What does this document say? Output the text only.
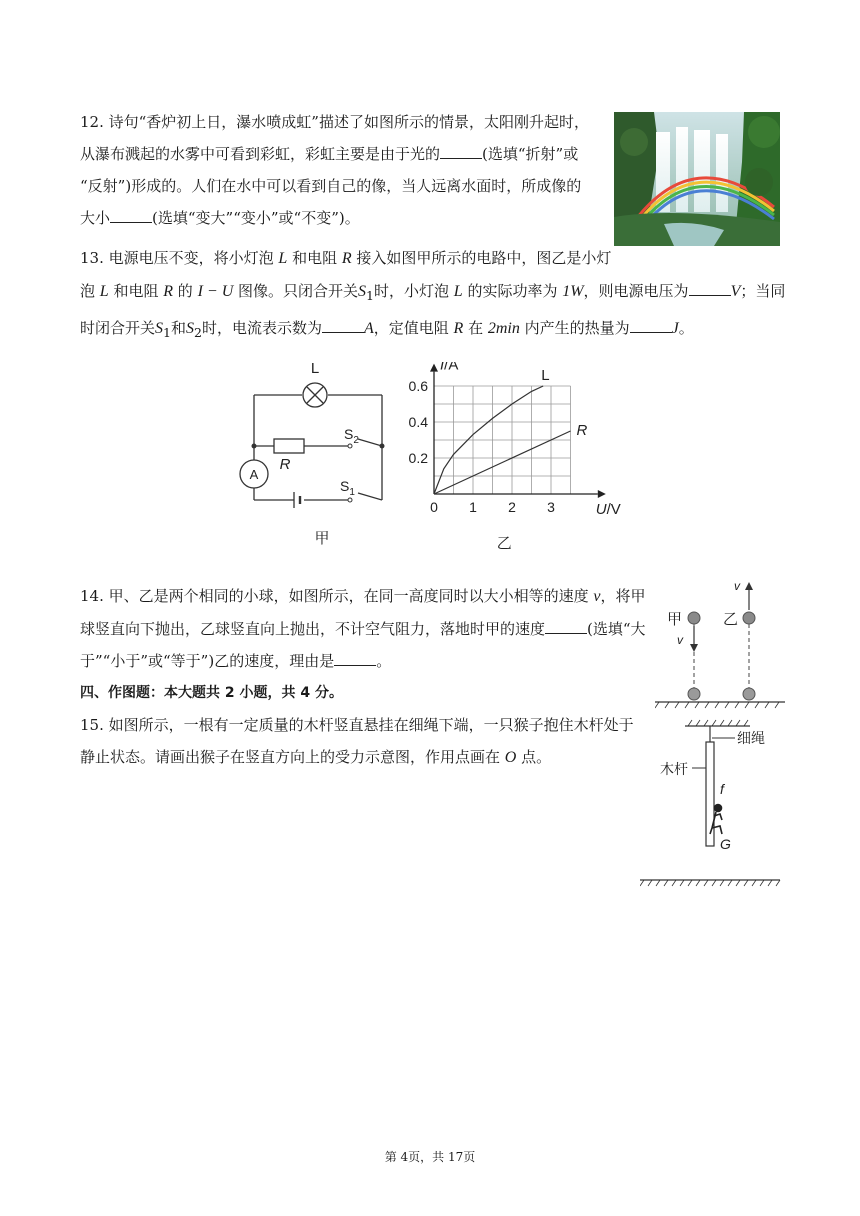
12. 诗句“香炉初上日，瀑水喷成虹”描述了如图所示的情景，太阳刚升起时，

从瀑布溅起的水雾中可看到彩虹，彩虹主要是由于光的	(选填“折射”或

“反射”)形成的。人们在水中可以看到自己的像，当人远离水面时，所成像的

大小	(选填“变大”“变小”或“不变”)。

13. 电源电压不变，将小灯泡 L 和电阻 R 接入如图甲所示的电路中，图乙是小灯

泡 L 和电阻 R 的 I − U 图像。只闭合开关$S_1$时，小灯泡 L 的实际功率为 1W，则电源电压为	V；当同

时闭合开关$S_1$和$S_2$时，电流表示数为	A，定值电阻 R 在 2min 内产生的热量为	J。

L
R
A
$S_2$
$S_1$
甲
L
R
0 1 2 3
0.2
0.4
0.6
U/V
I/A
乙

14. 甲、乙是两个相同的小球，如图所示，在同一高度同时以大小相等的速度 v，将甲

球竖直向下抛出，乙球竖直向上抛出，不计空气阻力，落地时甲的速度	(选填“大

于”“小于”或“等于”)乙的速度，理由是	。

四、作图题：本大题共 2 小题，共 4 分。

15. 如图所示，一根有一定质量的木杆竖直悬挂在细绳下端，一只猴子抱住木杆处于

静止状态。请画出猴子在竖直方向上的受力示意图，作用点画在 O 点。

甲	乙
v
v
细绳
木杆
f
G
第 4页，共 17页
